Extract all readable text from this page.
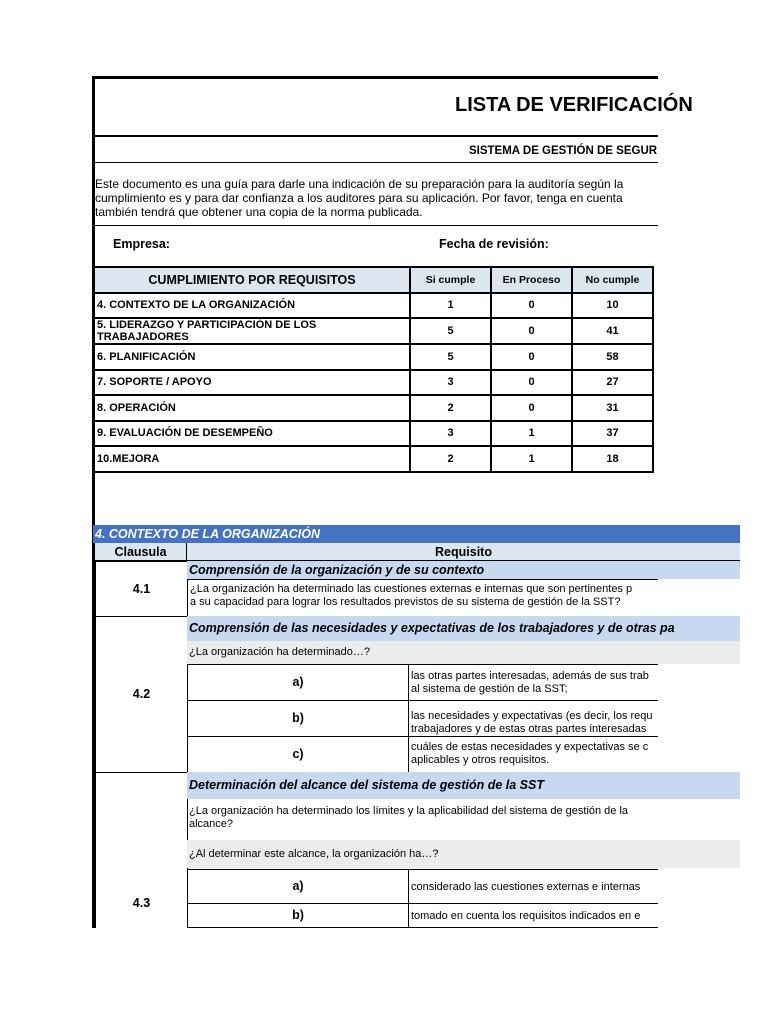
LISTA DE VERIFICACIÓN
SISTEMA DE GESTIÓN DE SEGUR
Este documento es una guía para darle una indicación de su preparación para la auditoría según la
cumplimiento es y para dar confianza a los auditores para su aplicación. Por favor, tenga en cuenta
también tendrá que obtener una copia de la norma publicada.
Empresa:	Fecha de revisión:
CUMPLIMIENTO POR REQUISITOS	Si cumple	En Proceso	No cumple
4. CONTEXTO DE LA ORGANIZACIÓN	1	0	10
5. LIDERAZGO Y PARTICIPACIÓN DE LOS TRABAJADORES	5	0	41
6. PLANIFICACIÓN	5	0	58
7. SOPORTE / APOYO	3	0	27
8. OPERACIÓN	2	0	31
9. EVALUACIÓN DE DESEMPEÑO	3	1	37
10.MEJORA	2	1	18
4. CONTEXTO DE LA ORGANIZACIÓN
Clausula	Requisito
4.1
Comprensión de la organización y de su contexto
¿La organización ha determinado las cuestiones externas e internas que son pertinentes p
a su capacidad para lograr los resultados previstos de su sistema de gestión de la SST?
4.2
Comprensión de las necesidades y expectativas de los trabajadores y de otras pa
¿La organización ha determinado…?
a)	las otras partes interesadas, además de sus trab
al sistema de gestión de la SST;
b)	las necesidades y expectativas (es decir, los requ
trabajadores y de estas otras partes interesadas
c)	cuáles de estas necesidades y expectativas se c
aplicables y otros requisitos.
4.3
Determinación del alcance del sistema de gestión de la SST
¿La organización ha determinado los límites y la aplicabilidad del sistema de gestión de la
alcance?
¿Al determinar este alcance, la organización ha…?
a)	considerado las cuestiones externas e internas
b)	tomado en cuenta los requisitos indicados en e
